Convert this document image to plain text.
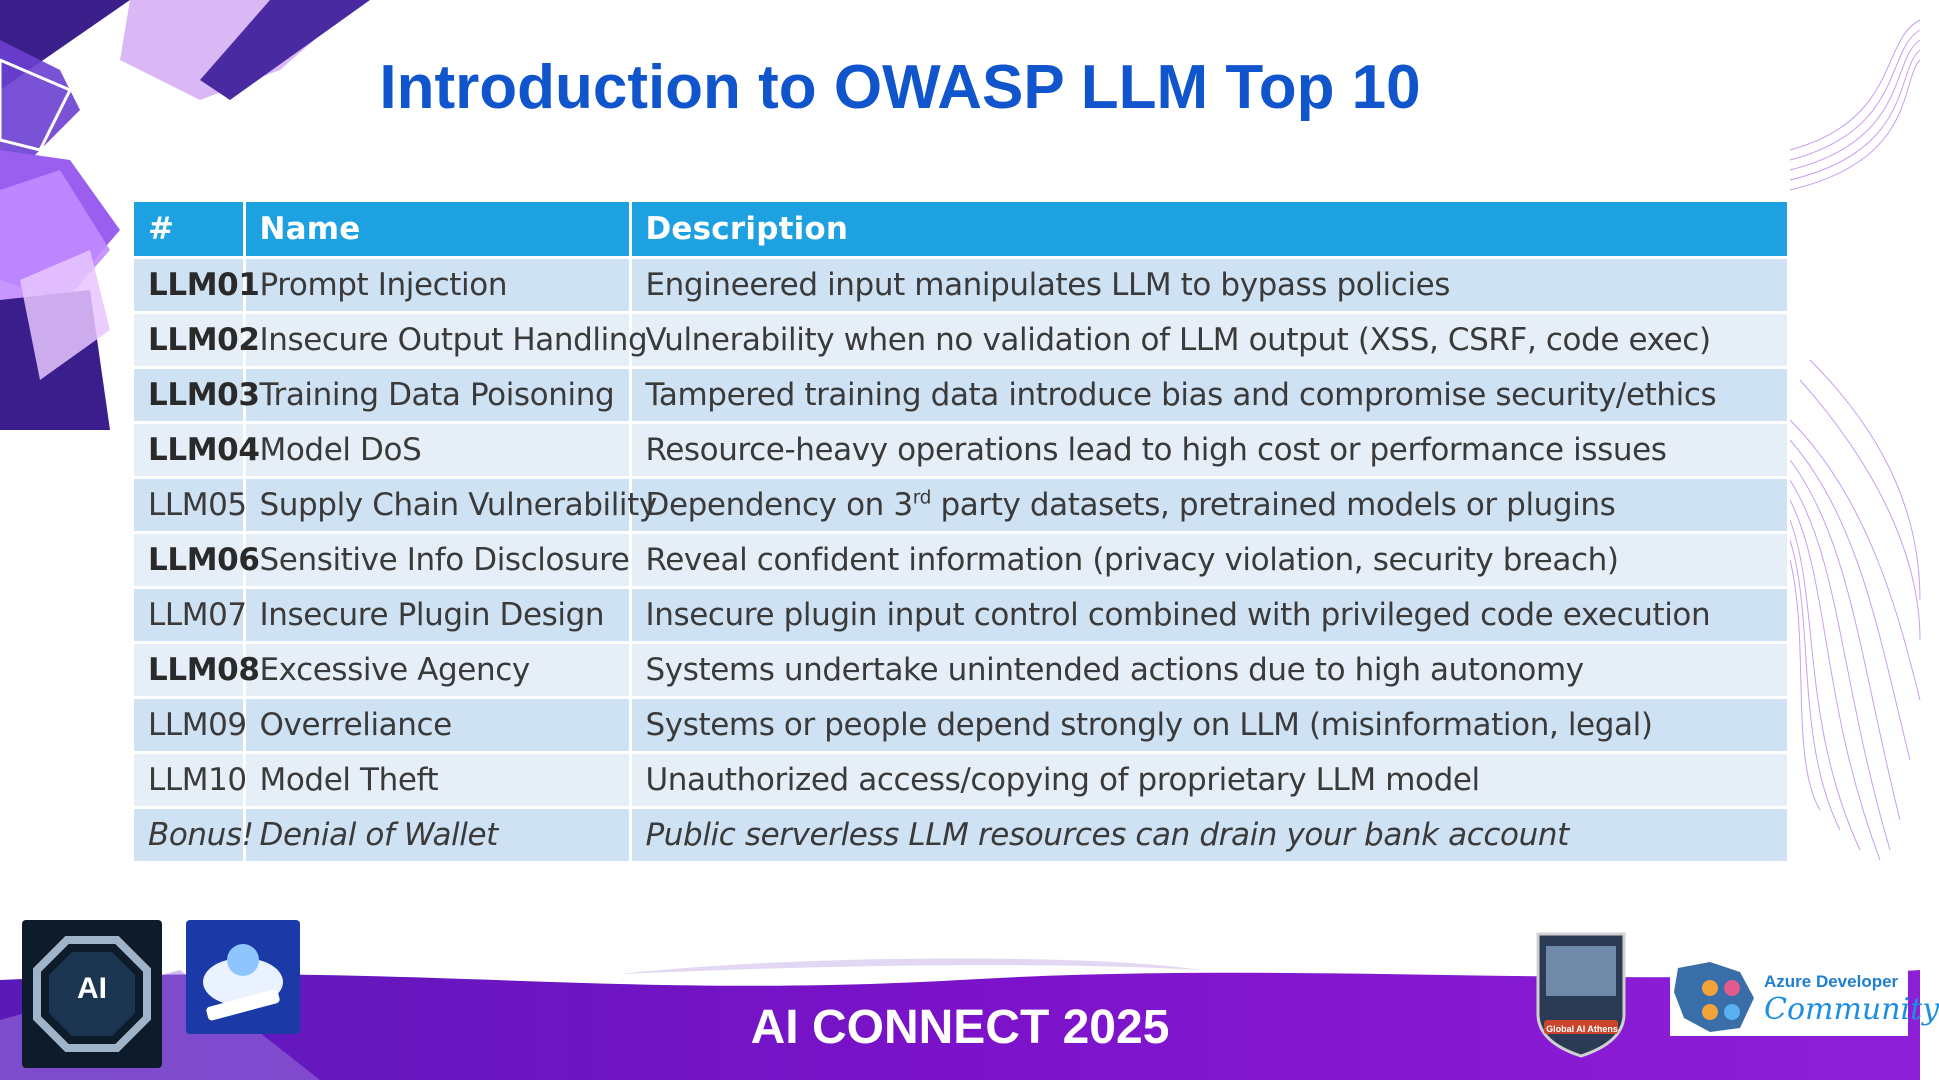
Introduction to OWASP LLM Top 10
#	Name	Description
LLM01	Prompt Injection	Engineered input manipulates LLM to bypass policies
LLM02	Insecure Output Handling	Vulnerability when no validation of LLM output (XSS, CSRF, code exec)
LLM03	Training Data Poisoning	Tampered training data introduce bias and compromise security/ethics
LLM04	Model DoS	Resource-heavy operations lead to high cost or performance issues
LLM05	Supply Chain Vulnerability	Dependency on 3rd party datasets, pretrained models or plugins
LLM06	Sensitive Info Disclosure	Reveal confident information (privacy violation, security breach)
LLM07	Insecure Plugin Design	Insecure plugin input control combined with privileged code execution
LLM08	Excessive Agency	Systems undertake unintended actions due to high autonomy
LLM09	Overreliance	Systems or people depend strongly on LLM (misinformation, legal)
LLM10	Model Theft	Unauthorized access/copying of proprietary LLM model
Bonus!	Denial of Wallet	Public serverless LLM resources can drain your bank account
AI CONNECT 2025
AI
Global AI Athens
Azure Developer
Community
